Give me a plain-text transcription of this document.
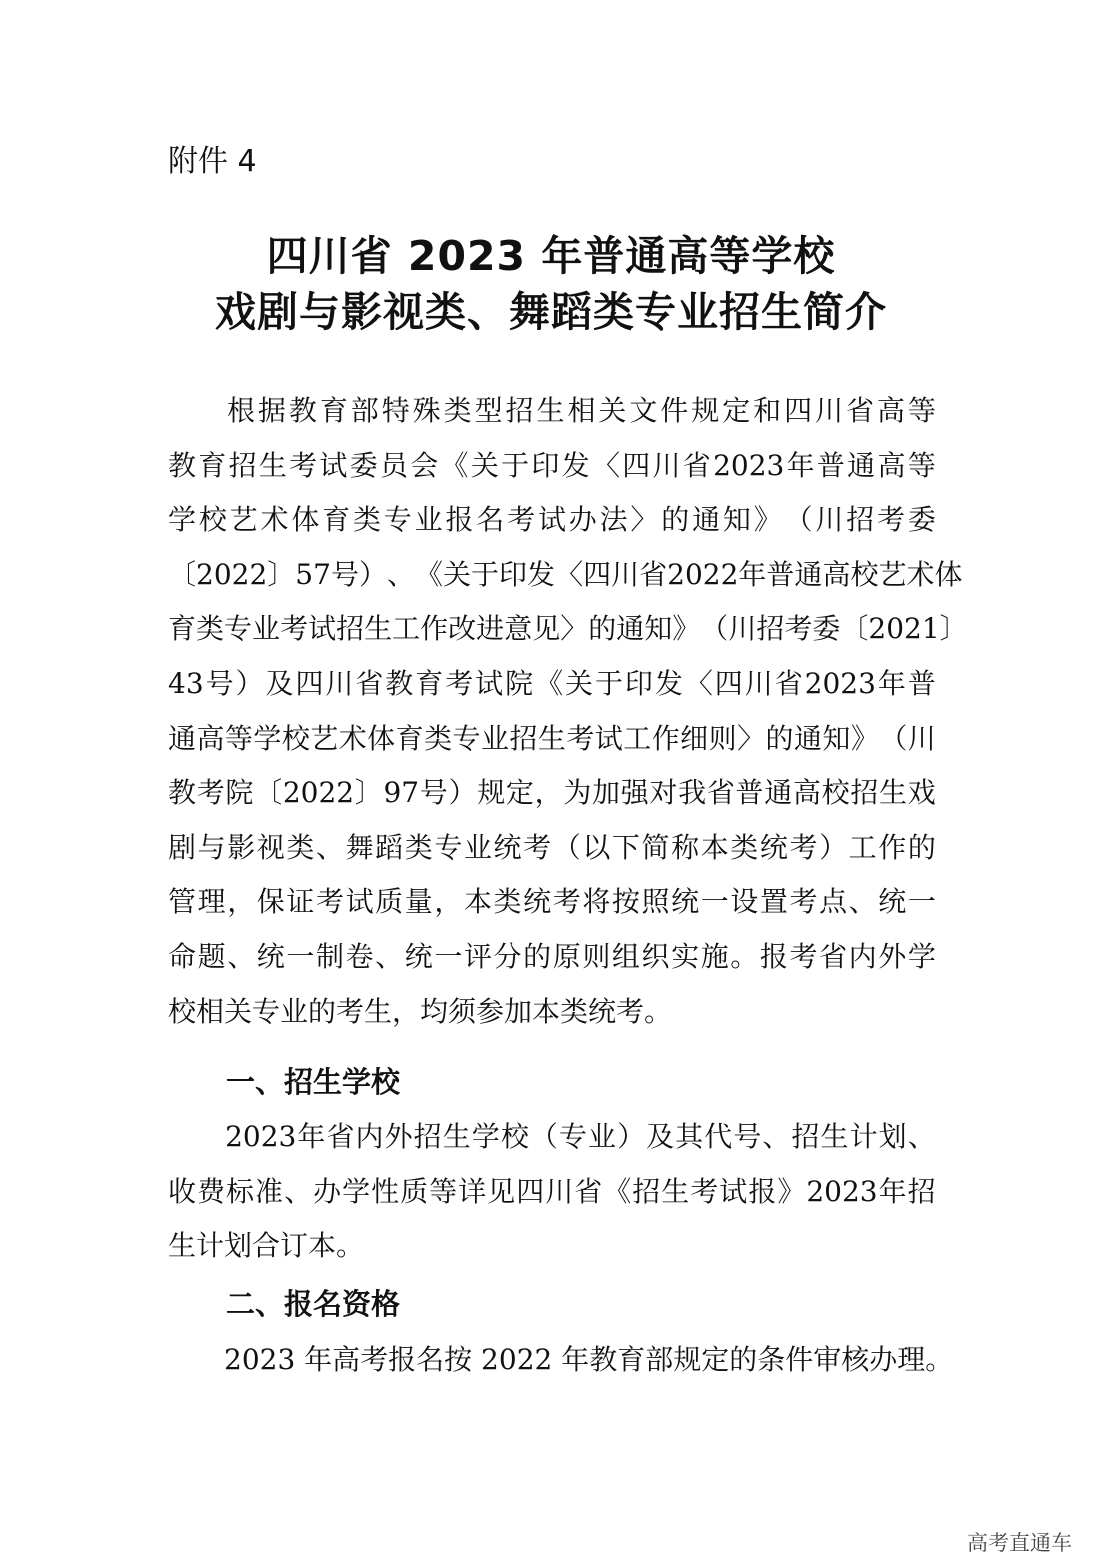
附件 4
四川省 2023 年普通高等学校
戏剧与影视类、舞蹈类专业招生简介

根 据 教 育 部 特 殊 类 型 招 生 相 关 文 件 规 定 和 四 川 省 高 等
教 育 招 生 考 试 委 员 会 《 关 于 印 发 〈 四 川 省 2023 年 普 通 高 等
学 校 艺 术 体 育 类 专 业 报 名 考 试 办 法 〉 的 通 知 》 （ 川 招 考 委
〔 2022 〕 57 号 ） 、 《 关 于 印 发 〈 四 川 省 2022 年 普 通 高 校 艺 术 体
育 类 专 业 考 试 招 生 工 作 改 进 意 见 〉 的 通 知 》 （ 川 招 考 委 〔 2021 〕
43 号 ） 及 四 川 省 教 育 考 试 院 《 关 于 印 发 〈 四 川 省 2023 年 普
通 高 等 学 校 艺 术 体 育 类 专 业 招 生 考 试 工 作 细 则 〉 的 通 知 》 （ 川
教 考 院 〔 2022 〕 97 号 ） 规 定 ， 为 加 强 对 我 省 普 通 高 校 招 生 戏
剧 与 影 视 类 、 舞 蹈 类 专 业 统 考 （ 以 下 简 称 本 类 统 考 ） 工 作 的
管 理 ， 保 证 考 试 质 量 ， 本 类 统 考 将 按 照 统 一 设 置 考 点 、 统 一
命 题 、 统 一 制 卷 、 统 一 评 分 的 原 则 组 织 实 施 。 报 考 省 内 外 学
校相关专业的考生，均须参加本类统考。
一、招生学校

2023 年 省 内 外 招 生 学 校 （ 专 业 ） 及 其 代 号 、 招 生 计 划 、
收 费 标 准 、 办 学 性 质 等 详 见 四 川 省 《 招 生 考 试 报 》 2023 年 招
生计划合订本。
二、报名资格
　　2023 年高考报名按 2022 年教育部规定的条件审核办理。
高考直通车
